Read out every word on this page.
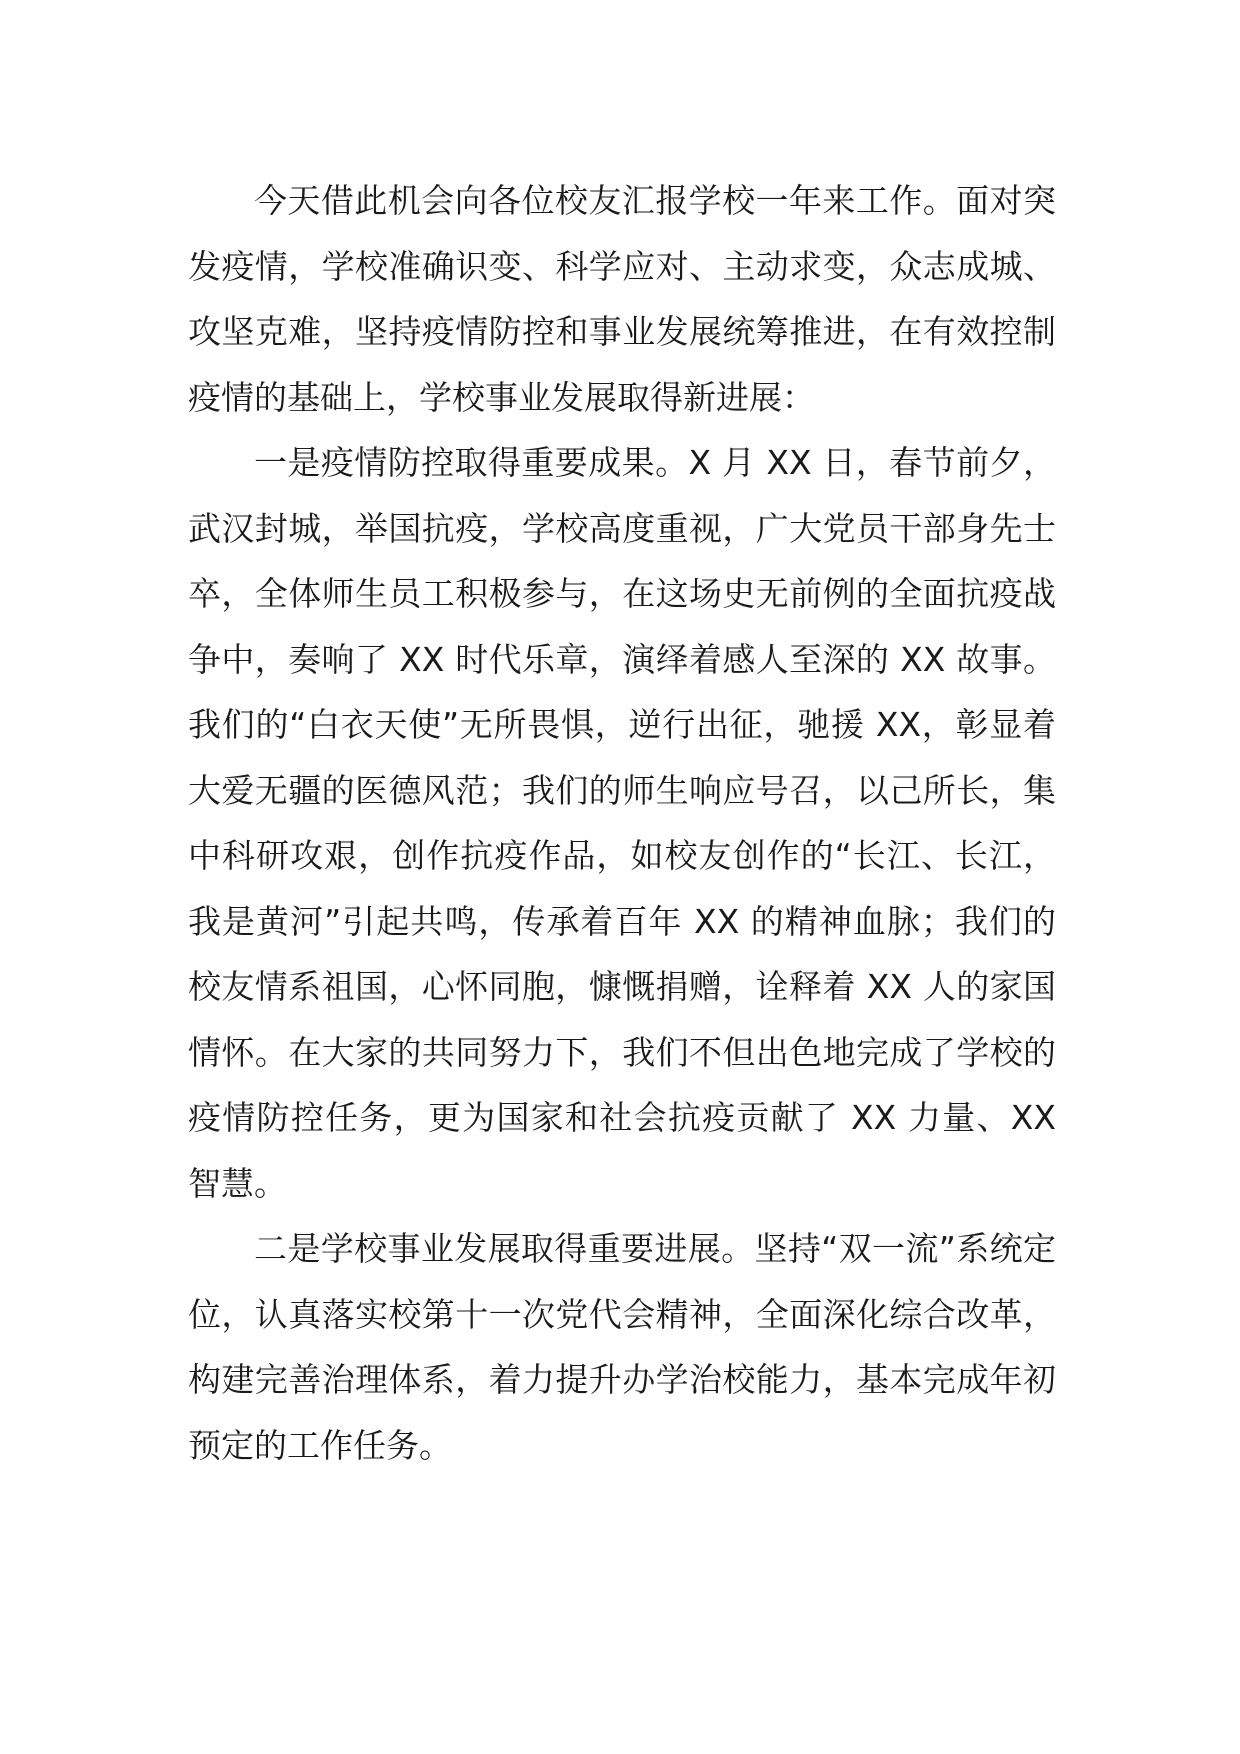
今天借此机会向各位校友汇报学校一年来工作。面对突发疫情，学校准确识变、科学应对、主动求变，众志成城、攻坚克难，坚持疫情防控和事业发展统筹推进，在有效控制疫情的基础上，学校事业发展取得新进展：

一是疫情防控取得重要成果。X 月 XX 日，春节前夕，武汉封城，举国抗疫，学校高度重视，广大党员干部身先士卒，全体师生员工积极参与，在这场史无前例的全面抗疫战争中，奏响了 XX 时代乐章，演绎着感人至深的 XX 故事。我们的“白衣天使”无所畏惧，逆行出征，驰援 XX，彰显着大爱无疆的医德风范；我们的师生响应号召，以己所长，集中科研攻艰，创作抗疫作品，如校友创作的“长江、长江，我是黄河”引起共鸣，传承着百年 XX 的精神血脉；我们的校友情系祖国，心怀同胞，慷慨捐赠，诠释着 XX 人的家国情怀。在大家的共同努力下，我们不但出色地完成了学校的疫情防控任务，更为国家和社会抗疫贡献了 XX 力量、XX 智慧。

二是学校事业发展取得重要进展。坚持“双一流”系统定位，认真落实校第十一次党代会精神，全面深化综合改革，构建完善治理体系，着力提升办学治校能力，基本完成年初预定的工作任务。
